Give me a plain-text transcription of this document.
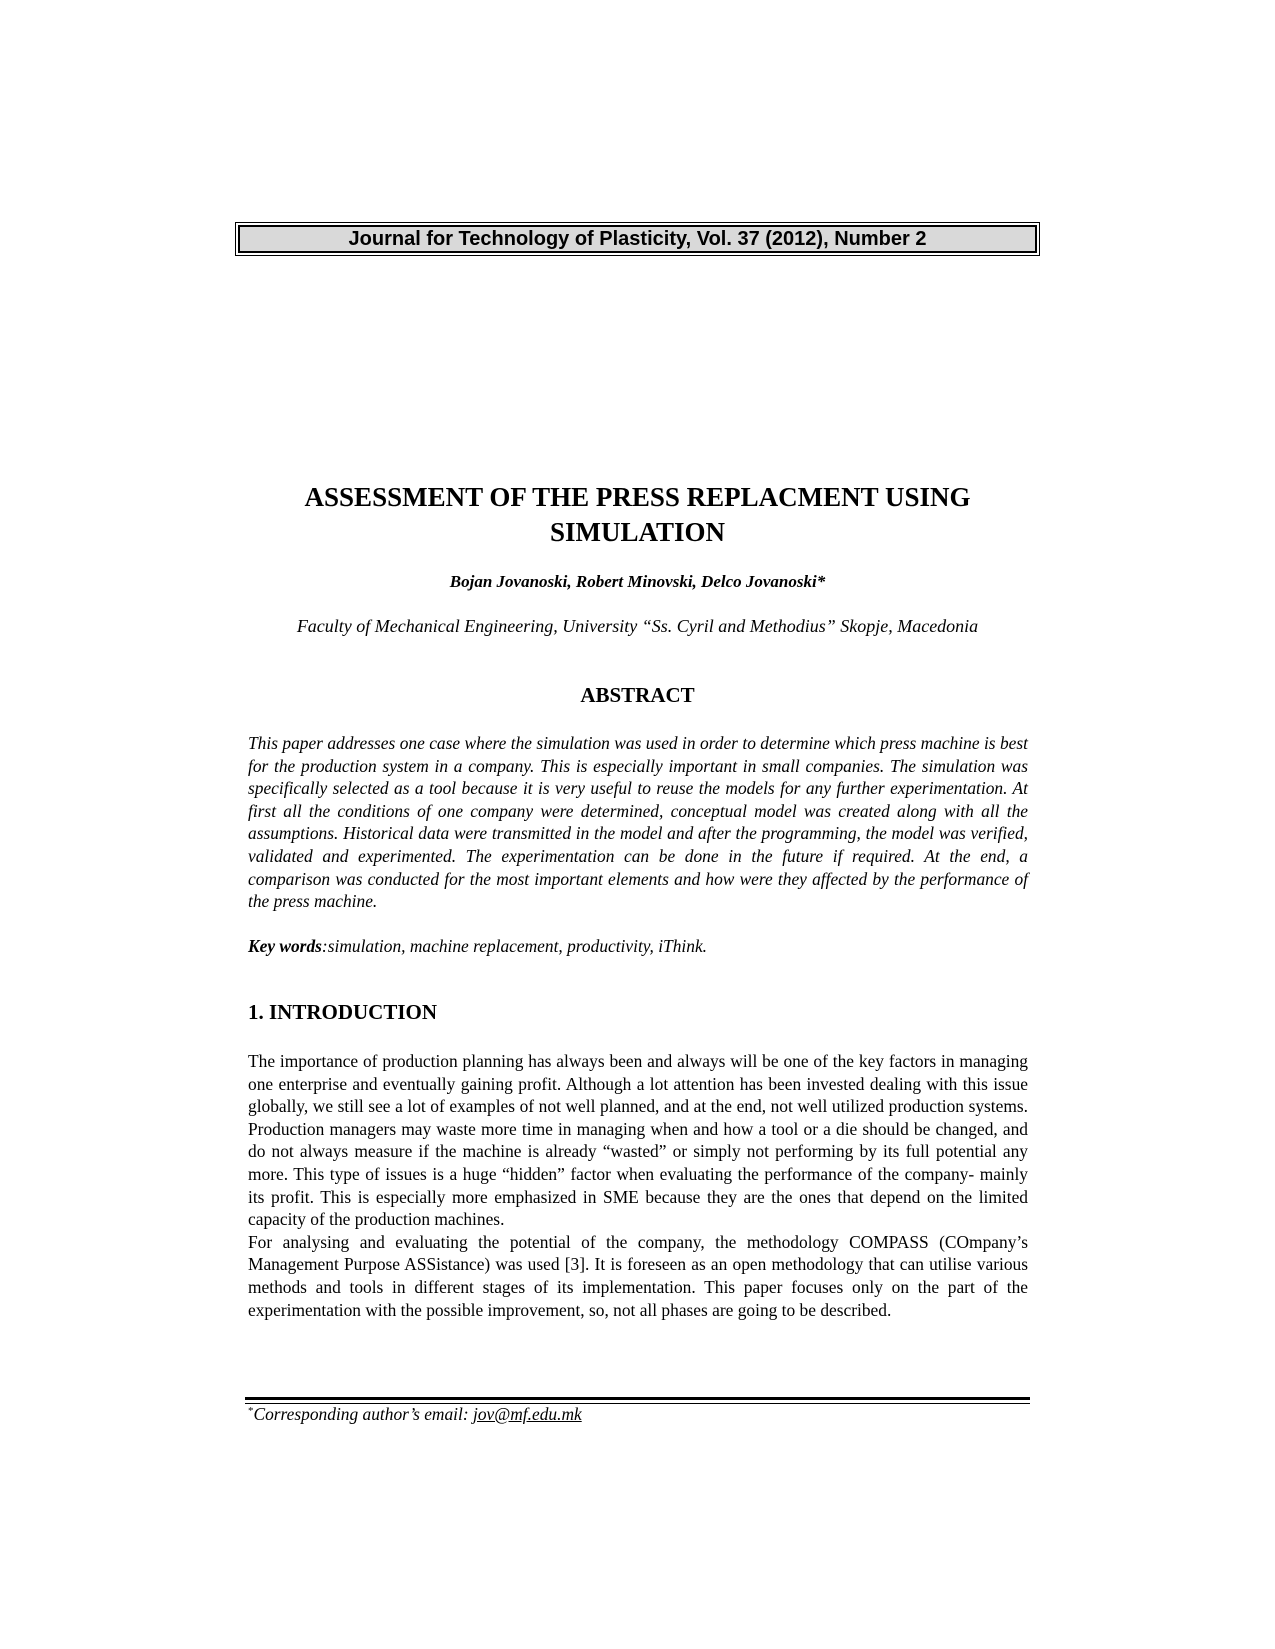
Journal for Technology of Plasticity, Vol. 37 (2012), Number 2
ASSESSMENT OF THE PRESS REPLACMENT USING
SIMULATION
Bojan Jovanoski, Robert Minovski, Delco Jovanoski*
Faculty of Mechanical Engineering, University “Ss. Cyril and Methodius” Skopje, Macedonia
ABSTRACT
This paper addresses one case where the simulation was used in order to determine which press machine is best for the production system in a company. This is especially important in small companies. The simulation was specifically selected as a tool because it is very useful to reuse the models for any further experimentation. At first all the conditions of one company were determined, conceptual model was created along with all the assumptions. Historical data were transmitted in the model and after the programming, the model was verified, validated and experimented. The experimentation can be done in the future if required. At the end, a comparison was conducted for the most important elements and how were they affected by the performance of the press machine.
Key words:simulation, machine replacement, productivity, iThink.
1. INTRODUCTION

The importance of production planning has always been and always will be one of the key factors in managing one enterprise and eventually gaining profit. Although a lot attention has been invested dealing with this issue globally, we still see a lot of examples of not well planned, and at the end, not well utilized production systems. Production managers may waste more time in managing when and how a tool or a die should be changed, and do not always measure if the machine is already “wasted” or simply not performing by its full potential any more. This type of issues is a huge “hidden” factor when evaluating the performance of the company- mainly its profit. This is especially more emphasized in SME because they are the ones that depend on the limited capacity of the production machines.

For analysing and evaluating the potential of the company, the methodology COMPASS (COmpany’s Management Purpose ASSistance) was used [3]. It is foreseen as an open methodology that can utilise various methods and tools in different stages of its implementation. This paper focuses only on the part of the experimentation with the possible improvement, so, not all phases are going to be described.

*Corresponding author’s email: jov@mf.edu.mk
